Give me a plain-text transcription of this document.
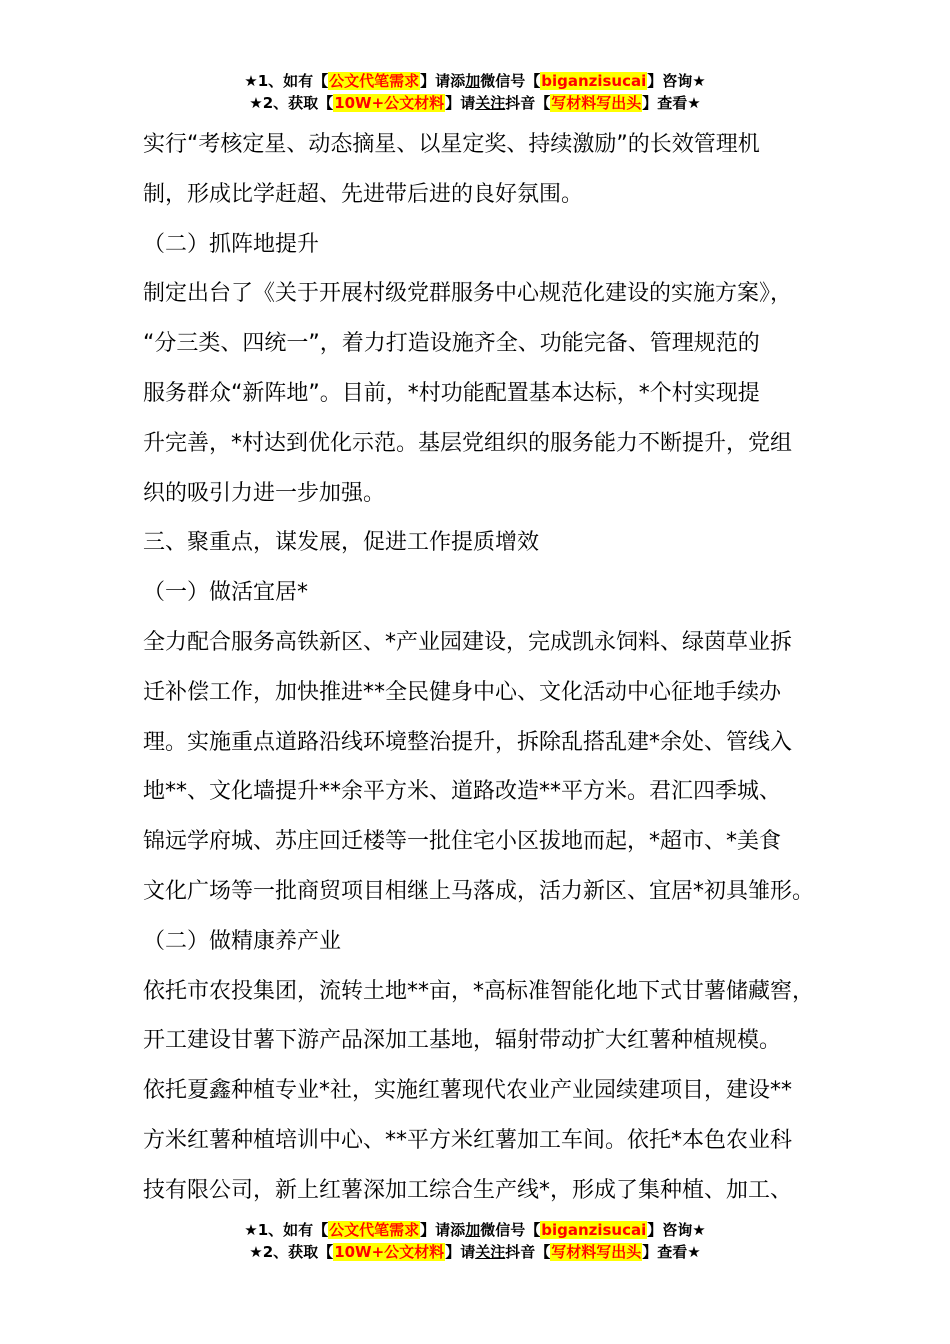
★1、如有【公文代笔需求】请添加微信号【biganzisucai】咨询★
★2、获取【10W+公文材料】请关注抖音【写材料写出头】查看★

实行“考核定星、动态摘星、以星定奖、持续激励”的长效管理机

制，形成比学赶超、先进带后进的良好氛围。

（二）抓阵地提升

制定出台了《关于开展村级党群服务中心规范化建设的实施方案》，

“分三类、四统一”，着力打造设施齐全、功能完备、管理规范的

服务群众“新阵地”。目前，*村功能配置基本达标，*个村实现提

升完善，*村达到优化示范。基层党组织的服务能力不断提升，党组

织的吸引力进一步加强。

三、聚重点，谋发展，促进工作提质增效

（一）做活宜居*

全力配合服务高铁新区、*产业园建设，完成凯永饲料、绿茵草业拆

迁补偿工作，加快推进**全民健身中心、文化活动中心征地手续办

理。实施重点道路沿线环境整治提升，拆除乱搭乱建*余处、管线入

地**、文化墙提升**余平方米、道路改造**平方米。君汇四季城、

锦远学府城、苏庄回迁楼等一批住宅小区拔地而起，*超市、*美食

文化广场等一批商贸项目相继上马落成，活力新区、宜居*初具雏形。

（二）做精康养产业

依托市农投集团，流转土地**亩，*高标准智能化地下式甘薯储藏窖，

开工建设甘薯下游产品深加工基地，辐射带动扩大红薯种植规模。

依托夏鑫种植专业*社，实施红薯现代农业产业园续建项目，建设**

方米红薯种植培训中心、**平方米红薯加工车间。依托*本色农业科

技有限公司，新上红薯深加工综合生产线*，形成了集种植、加工、

★1、如有【公文代笔需求】请添加微信号【biganzisucai】咨询★
★2、获取【10W+公文材料】请关注抖音【写材料写出头】查看★
